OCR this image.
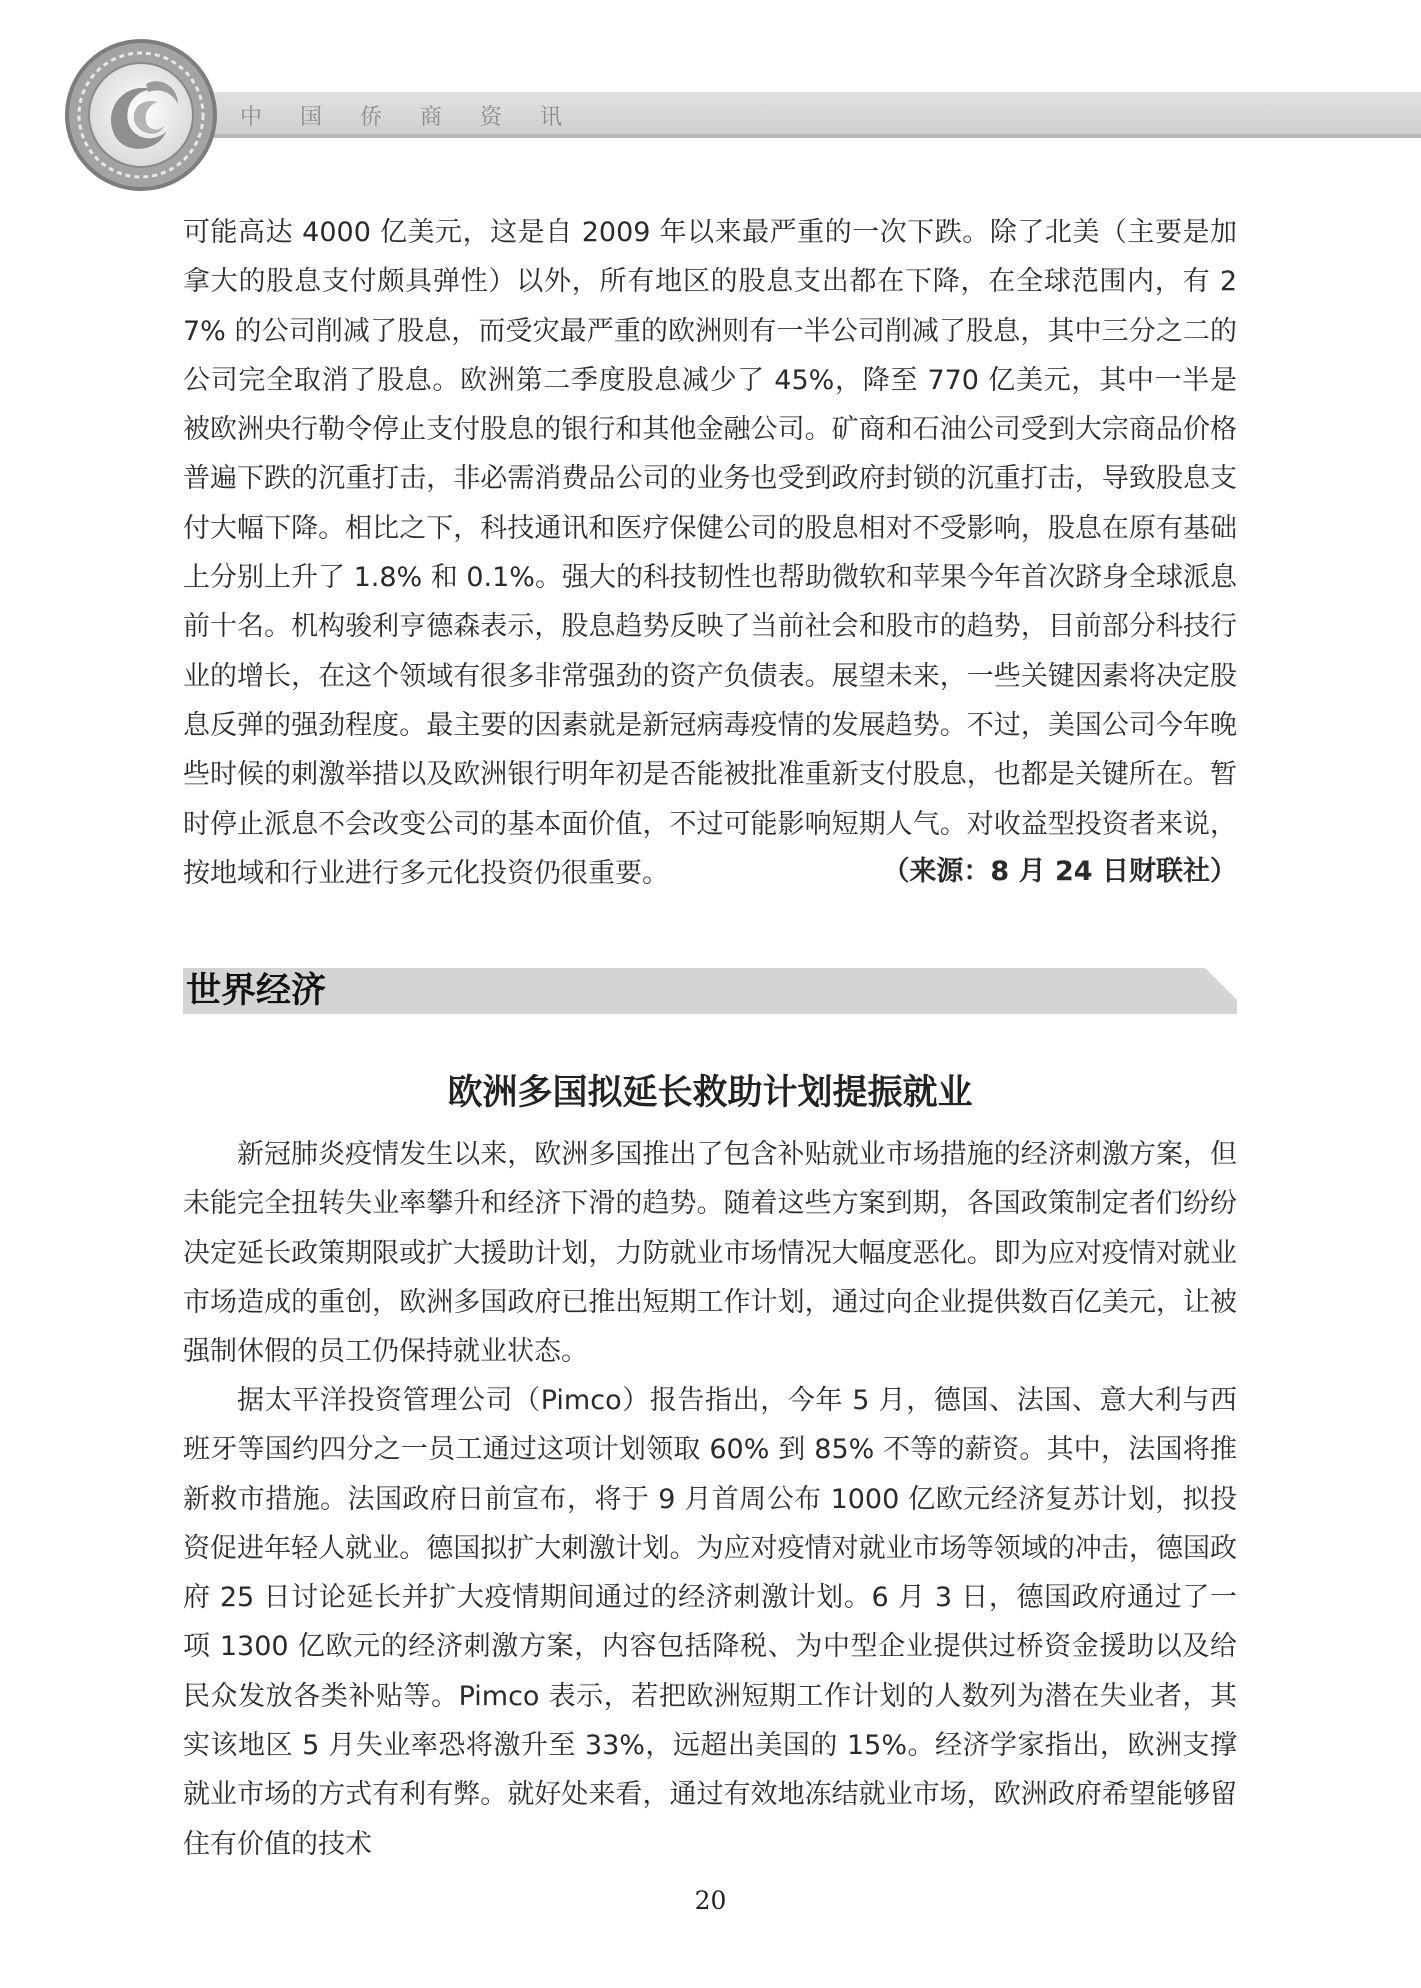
中国侨商资讯

可能高达 4000 亿美元，这是自 2009 年以来最严重的一次下跌。除了北美（主要是加拿大的股息支付颇具弹性）以外，所有地区的股息支出都在下降，在全球范围内，有 27% 的公司削减了股息，而受灾最严重的欧洲则有一半公司削减了股息，其中三分之二的公司完全取消了股息。欧洲第二季度股息减少了 45%，降至 770 亿美元，其中一半是被欧洲央行勒令停止支付股息的银行和其他金融公司。矿商和石油公司受到大宗商品价格普遍下跌的沉重打击，非必需消费品公司的业务也受到政府封锁的沉重打击，导致股息支付大幅下降。相比之下，科技通讯和医疗保健公司的股息相对不受影响，股息在原有基础上分别上升了 1.8% 和 0.1%。强大的科技韧性也帮助微软和苹果今年首次跻身全球派息前十名。机构骏利亨德森表示，股息趋势反映了当前社会和股市的趋势，目前部分科技行业的增长，在这个领域有很多非常强劲的资产负债表。展望未来，一些关键因素将决定股息反弹的强劲程度。最主要的因素就是新冠病毒疫情的发展趋势。不过，美国公司今年晚些时候的刺激举措以及欧洲银行明年初是否能被批准重新支付股息，也都是关键所在。暂时停止派息不会改变公司的基本面价值，不过可能影响短期人气。对收益型投资者来说，按地域和行业进行多元化投资仍很重要。	（来源：8 月 24 日财联社）
世界经济
欧洲多国拟延长救助计划提振就业

新冠肺炎疫情发生以来，欧洲多国推出了包含补贴就业市场措施的经济刺激方案，但未能完全扭转失业率攀升和经济下滑的趋势。随着这些方案到期，各国政策制定者们纷纷决定延长政策期限或扩大援助计划，力防就业市场情况大幅度恶化。即为应对疫情对就业市场造成的重创，欧洲多国政府已推出短期工作计划，通过向企业提供数百亿美元，让被强制休假的员工仍保持就业状态。

据太平洋投资管理公司（Pimco）报告指出，今年 5 月，德国、法国、意大利与西班牙等国约四分之一员工通过这项计划领取 60% 到 85% 不等的薪资。其中，法国将推新救市措施。法国政府日前宣布，将于 9 月首周公布 1000 亿欧元经济复苏计划，拟投资促进年轻人就业。德国拟扩大刺激计划。为应对疫情对就业市场等领域的冲击，德国政府 25 日讨论延长并扩大疫情期间通过的经济刺激计划。6 月 3 日，德国政府通过了一项 1300 亿欧元的经济刺激方案，内容包括降税、为中型企业提供过桥资金援助以及给民众发放各类补贴等。Pimco 表示，若把欧洲短期工作计划的人数列为潜在失业者，其实该地区 5 月失业率恐将激升至 33%，远超出美国的 15%。经济学家指出，欧洲支撑就业市场的方式有利有弊。就好处来看，通过有效地冻结就业市场，欧洲政府希望能够留住有价值的技术

20
